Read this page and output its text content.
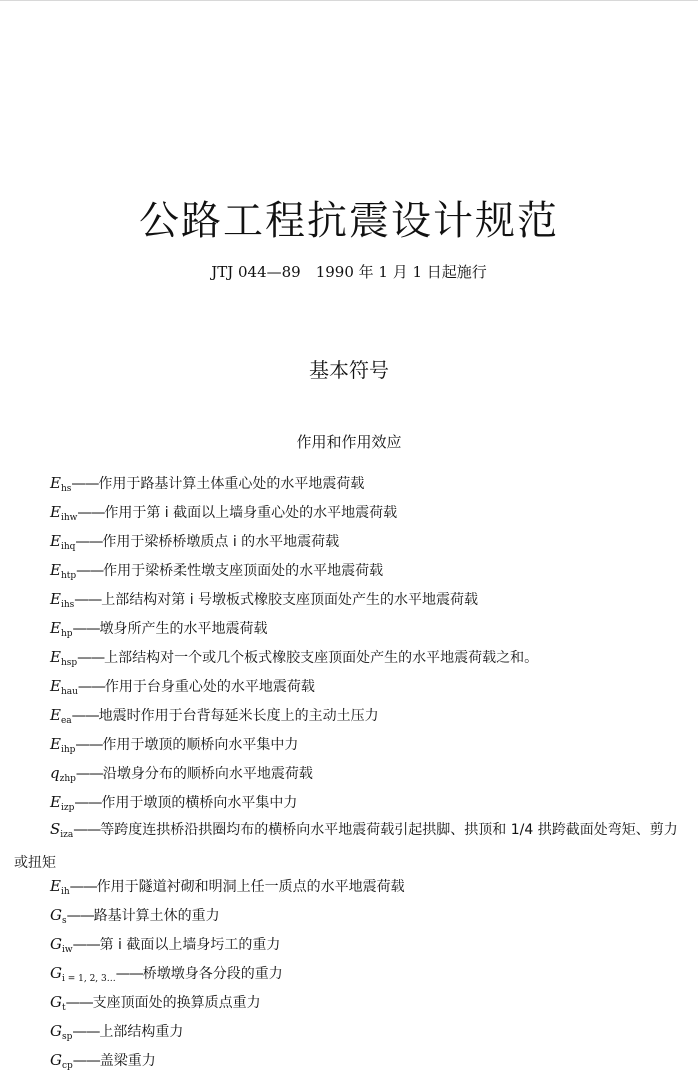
公路工程抗震设计规范
JTJ 044—89　1990 年 1 月 1 日起施行
基本符号
作用和作用效应
$E_{hs}——$作用于路基计算土体重心处的水平地震荷载
$E_{ihw}——$作用于第 i 截面以上墙身重心处的水平地震荷载
$E_{ihq}——$作用于梁桥桥墩质点 i 的水平地震荷载
$E_{htp}——$作用于梁桥柔性墩支座顶面处的水平地震荷载
$E_{ihs}——$上部结构对第 i 号墩板式橡胶支座顶面处产生的水平地震荷载
$E_{hp}——$墩身所产生的水平地震荷载
$E_{hsp}——$上部结构对一个或几个板式橡胶支座顶面处产生的水平地震荷载之和。
$E_{hau}——$作用于台身重心处的水平地震荷载
$E_{ea}——$地震时作用于台背每延米长度上的主动土压力
$E_{ihp}——$作用于墩顶的顺桥向水平集中力
$q_{zhp}——$沿墩身分布的顺桥向水平地震荷载
$E_{izp}——$作用于墩顶的横桥向水平集中力
$S_{iza}——$等跨度连拱桥沿拱圈均布的横桥向水平地震荷载引起拱脚、拱顶和 1/4 拱跨截面处弯矩、剪力或扭矩
$E_{ih}——$作用于隧道衬砌和明洞上任一质点的水平地震荷载
$G_s——$路基计算土休的重力
$G_{iw}——$第 i 截面以上墙身圬工的重力
$G_{i = 1, 2, 3\dots}——$桥墩墩身各分段的重力
$G_t——$支座顶面处的换算质点重力
$G_{sp}——$上部结构重力
$G_{cp}——$盖梁重力
